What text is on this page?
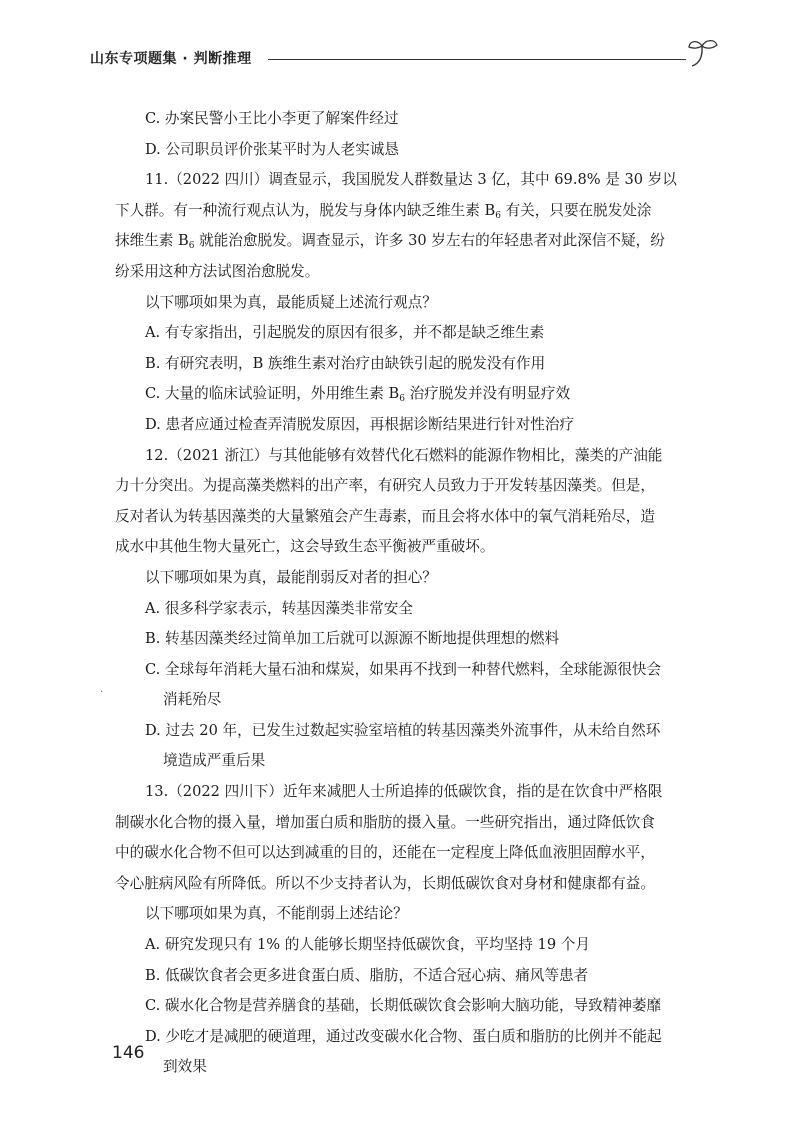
山东专项题集 · 判断推理
C. 办案民警小王比小李更了解案件经过
D. 公司职员评价张某平时为人老实诚恳
11.（2022 四川）调查显示，我国脱发人群数量达 3 亿，其中 69.8% 是 30 岁以
下人群。有一种流行观点认为，脱发与身体内缺乏维生素 $B_6$ 有关，只要在脱发处涂
抹维生素 $B_6$ 就能治愈脱发。调查显示，许多 30 岁左右的年轻患者对此深信不疑，纷
纷采用这种方法试图治愈脱发。
以下哪项如果为真，最能质疑上述流行观点？
A. 有专家指出，引起脱发的原因有很多，并不都是缺乏维生素
B. 有研究表明，B 族维生素对治疗由缺铁引起的脱发没有作用
C. 大量的临床试验证明，外用维生素 $B_6$ 治疗脱发并没有明显疗效
D. 患者应通过检查弄清脱发原因，再根据诊断结果进行针对性治疗
12.（2021 浙江）与其他能够有效替代化石燃料的能源作物相比，藻类的产油能
力十分突出。为提高藻类燃料的出产率，有研究人员致力于开发转基因藻类。但是，
反对者认为转基因藻类的大量繁殖会产生毒素，而且会将水体中的氧气消耗殆尽，造
成水中其他生物大量死亡，这会导致生态平衡被严重破坏。
以下哪项如果为真，最能削弱反对者的担心？
A. 很多科学家表示，转基因藻类非常安全
B. 转基因藻类经过简单加工后就可以源源不断地提供理想的燃料
C. 全球每年消耗大量石油和煤炭，如果再不找到一种替代燃料，全球能源很快会
消耗殆尽
D. 过去 20 年，已发生过数起实验室培植的转基因藻类外流事件，从未给自然环
境造成严重后果
13.（2022 四川下）近年来减肥人士所追捧的低碳饮食，指的是在饮食中严格限
制碳水化合物的摄入量，增加蛋白质和脂肪的摄入量。一些研究指出，通过降低饮食
中的碳水化合物不但可以达到减重的目的，还能在一定程度上降低血液胆固醇水平，
令心脏病风险有所降低。所以不少支持者认为，长期低碳饮食对身材和健康都有益。
以下哪项如果为真，不能削弱上述结论？
A. 研究发现只有 1% 的人能够长期坚持低碳饮食，平均坚持 19 个月
B. 低碳饮食者会更多进食蛋白质、脂肪，不适合冠心病、痛风等患者
C. 碳水化合物是营养膳食的基础，长期低碳饮食会影响大脑功能，导致精神萎靡
D. 少吃才是减肥的硬道理，通过改变碳水化合物、蛋白质和脂肪的比例并不能起
到效果
.
146
